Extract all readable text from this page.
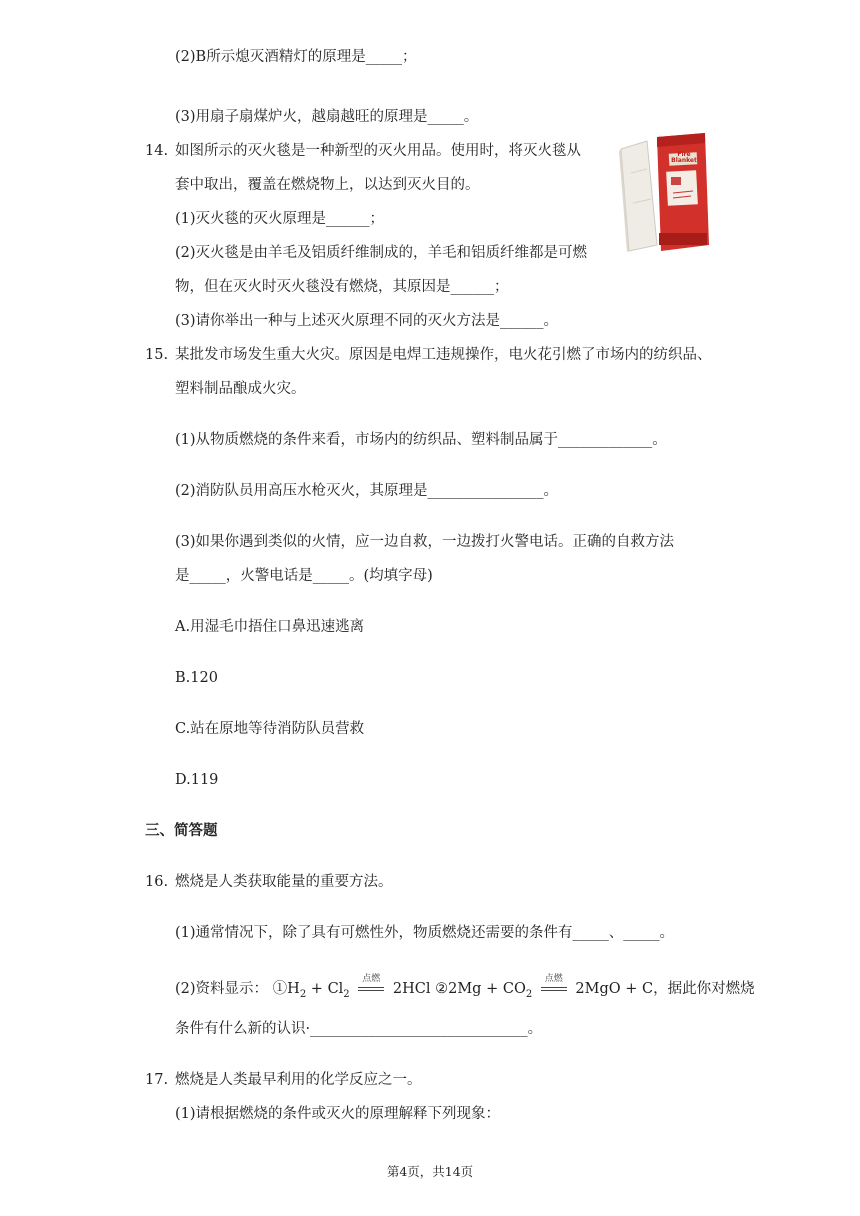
(2)B所示熄灭酒精灯的原理是_____；
(3)用扇子扇煤炉火，越扇越旺的原理是_____。
14. 如图所示的灭火毯是一种新型的灭火用品。使用时，将灭火毯从
套中取出，覆盖在燃烧物上，以达到灭火目的。
(1)灭火毯的灭火原理是______；
(2)灭火毯是由羊毛及铝质纤维制成的，羊毛和铝质纤维都是可燃
物，但在灭火时灭火毯没有燃烧，其原因是______；
(3)请你举出一种与上述灭火原理不同的灭火方法是______。
Fire Blanket
15. 某批发市场发生重大火灾。原因是电焊工违规操作，电火花引燃了市场内的纺织品、
塑料制品酿成火灾。
(1)从物质燃烧的条件来看，市场内的纺织品、塑料制品属于_____________。
(2)消防队员用高压水枪灭火，其原理是________________。
(3)如果你遇到类似的火情，应一边自救，一边拨打火警电话。正确的自救方法
是_____，火警电话是_____。(均填字母)
A.用湿毛巾捂住口鼻迅速逃离
B.120
C.站在原地等待消防队员营救
D.119
三、简答题
16. 燃烧是人类获取能量的重要方法。
(1)通常情况下，除了具有可燃性外，物质燃烧还需要的条件有_____、_____。
(2)资料显示： $①H_2 + Cl_2$
点燃
2HCl ②2Mg + $CO_2$
点燃
2MgO + C，据此你对燃烧
条件有什么新的认识·______________________________。
17. 燃烧是人类最早利用的化学反应之一。
(1)请根据燃烧的条件或灭火的原理解释下列现象：
第4页，共14页
